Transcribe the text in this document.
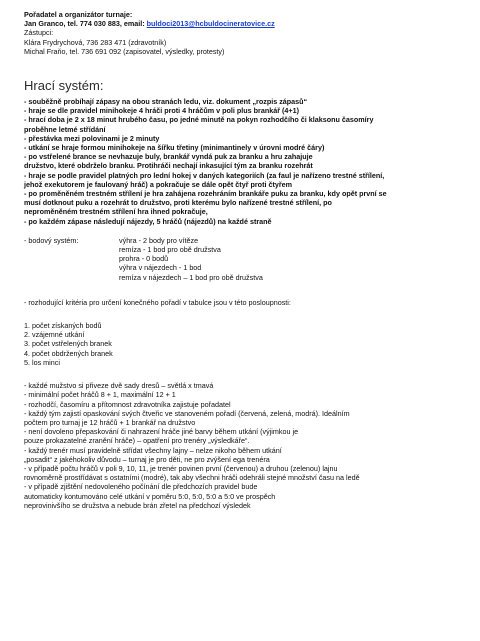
Pořadatel a organizátor turnaje:

Jan Granco, tel. 774 030 883, email: buldoci2013@hcbuldocineratovice.cz

Zástupci:

Klára Frydrychová, 736 283 471 (zdravotník)

Michal Fraňo, tel. 736 691 092 (zapisovatel, výsledky, protesty)

Hrací systém:

- souběžně probíhají zápasy na obou stranách ledu, viz. dokument „rozpis zápasů“

- hraje se dle pravidel minihokeje 4 hráči proti 4 hráčům v poli plus brankář (4+1)

- hrací doba je 2 x 18 minut hrubého času, po jedné minutě na pokyn rozhodčího či klaksonu časomíry

proběhne letmé střídání

- přestávka mezi polovinami je 2 minuty

- utkání se hraje formou minihokeje na šířku třetiny (minimantinely v úrovni modré čáry)

- po vstřelené brance se nevhazuje buly, brankář vyndá puk za branku a hru zahajuje

družstvo, které obdrželo branku. Protihráči nechají inkasující tým za branku rozehrát

- hraje se podle pravidel platných pro lední hokej v daných kategoriích (za faul je nařízeno trestné střílení,

jehož exekutorem je faulovaný hráč) a pokračuje se dále opět čtyř proti čtyřem

- po proměněném trestném střílení je hra zahájena rozehráním brankáře puku za branku, kdy opět první se

musí dotknout puku a rozehrát to družstvo, proti kterému bylo nařízené trestné střílení, po

neproměněném trestném střílení hra ihned pokračuje,

- po každém zápase následují nájezdy, 5 hráčů (nájezdů) na každé straně

- bodový systém:	výhra - 2 body pro vítěze

remíza - 1 bod pro obě družstva

prohra - 0 bodů

výhra v nájezdech - 1 bod

remíza v nájezdech – 1 bod pro obě družstva

- rozhodující kritéria pro určení konečného pořadí v tabulce jsou v této posloupnosti:

1. počet získaných bodů

2. vzájemné utkání

3. počet vstřelených branek

4. počet obdržených branek

5. los minci

- každé mužstvo si přiveze dvě sady dresů – světlá x tmavá

- minimální počet hráčů 8 + 1, maximální 12 + 1

- rozhodčí, časomíru a přítomnost zdravotníka zajistuje pořadatel

- každý tým zajistí opaskování svých čtveřic ve stanoveném pořadí (červená, zelená, modrá). Ideálním

počtem pro turnaj je 12 hráčů + 1 brankář na družstvo

- není dovoleno přepaskování či nahrazení hráče jiné barvy během utkání (výjimkou je

pouze prokazatelné zranění hráče) – opatření pro trenéry „výsledkáře“.

- každý trenér musí pravidelně střídat všechny lajny – nelze nikoho během utkání

„posadit“ z jakéhokoliv důvodu – turnaj je pro děti, ne pro zvýšení ega trenéra

- v případě počtu hráčů v poli 9, 10, 11, je trenér povinen první (červenou) a druhou (zelenou) lajnu

rovnoměrně prostřídávat s ostatními (modré), tak aby všechni hráči odehráli stejné množství času na ledě

- v případě zjištění nedovoleného počínání dle předchozích pravidel bude

automaticky kontumováno celé utkání v poměru 5:0, 5:0, 5:0 a 5:0 ve prospěch

neprovinivšího se družstva a nebude brán zřetel na předchozí výsledek
